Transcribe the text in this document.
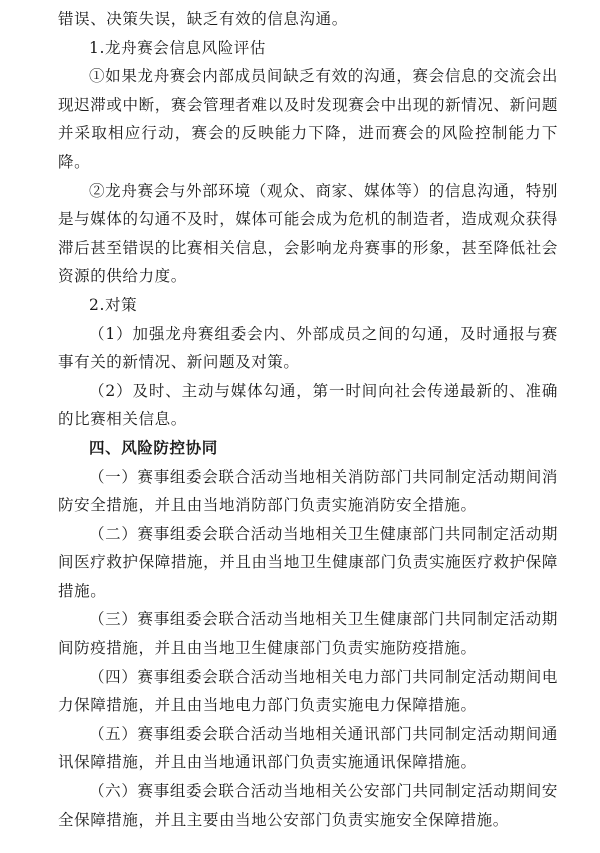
错误、决策失误，缺乏有效的信息沟通。

1.龙舟赛会信息风险评估

①如果龙舟赛会内部成员间缺乏有效的沟通，赛会信息的交流会出现迟滞或中断，赛会管理者难以及时发现赛会中出现的新情况、新问题并采取相应行动，赛会的反映能力下降，进而赛会的风险控制能力下降。

②龙舟赛会与外部环境（观众、商家、媒体等）的信息沟通，特别是与媒体的勾通不及时，媒体可能会成为危机的制造者，造成观众获得滞后甚至错误的比赛相关信息，会影响龙舟赛事的形象，甚至降低社会资源的供给力度。

2.对策

（1）加强龙舟赛组委会内、外部成员之间的勾通，及时通报与赛事有关的新情况、新问题及对策。

（2）及时、主动与媒体勾通，第一时间向社会传递最新的、准确的比赛相关信息。

四、风险防控协同

（一）赛事组委会联合活动当地相关消防部门共同制定活动期间消防安全措施，并且由当地消防部门负责实施消防安全措施。

（二）赛事组委会联合活动当地相关卫生健康部门共同制定活动期间医疗救护保障措施，并且由当地卫生健康部门负责实施医疗救护保障措施。

（三）赛事组委会联合活动当地相关卫生健康部门共同制定活动期间防疫措施，并且由当地卫生健康部门负责实施防疫措施。

（四）赛事组委会联合活动当地相关电力部门共同制定活动期间电力保障措施，并且由当地电力部门负责实施电力保障措施。

（五）赛事组委会联合活动当地相关通讯部门共同制定活动期间通讯保障措施，并且由当地通讯部门负责实施通讯保障措施。

（六）赛事组委会联合活动当地相关公安部门共同制定活动期间安全保障措施，并且主要由当地公安部门负责实施安全保障措施。
